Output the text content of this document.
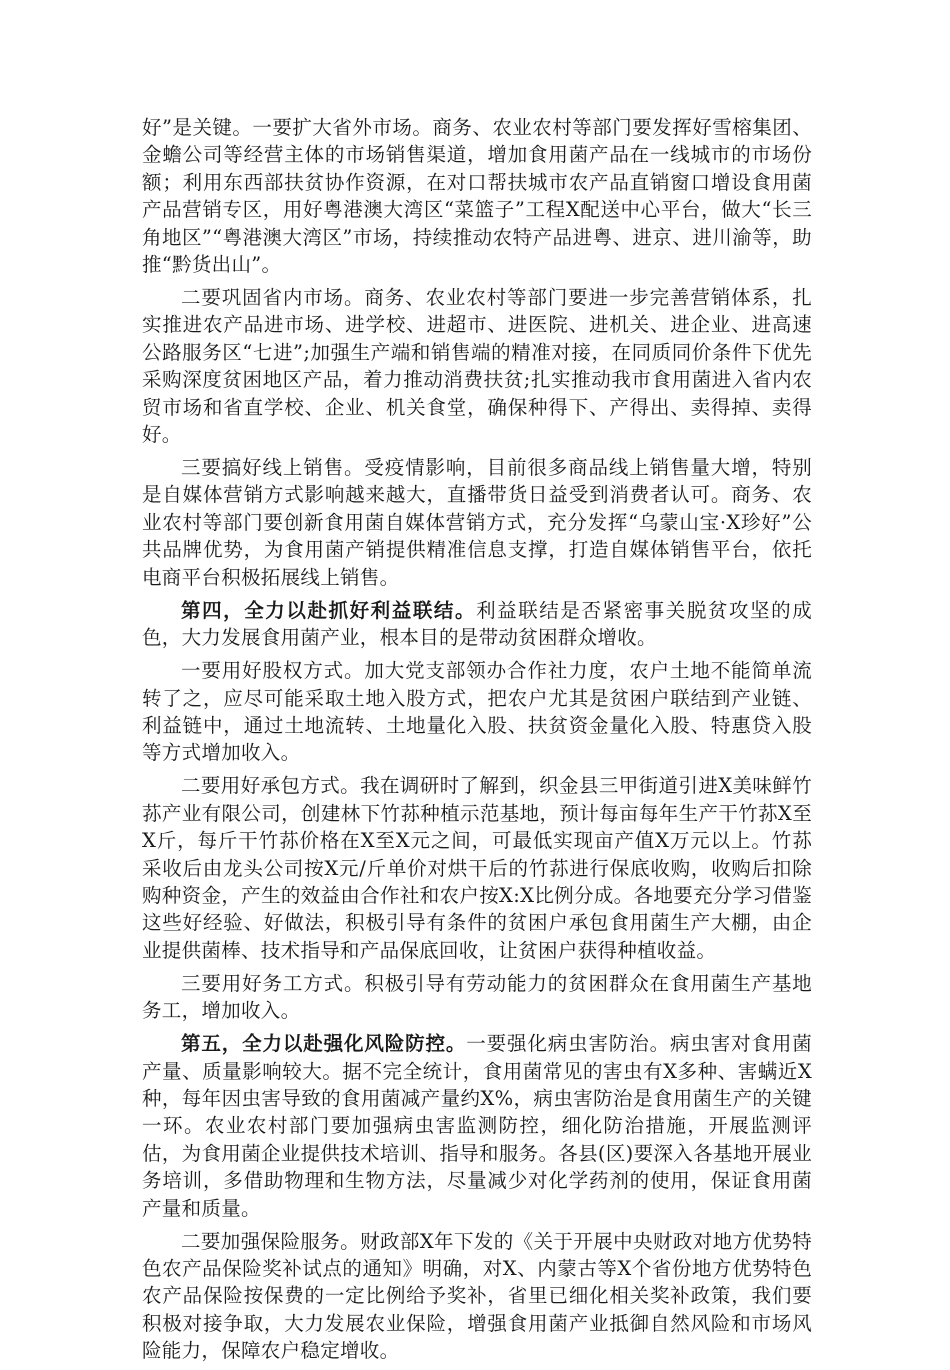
好”是关键。一要扩大省外市场。商务、农业农村等部门要发挥好雪榕集团、金蟾公司等经营主体的市场销售渠道，增加食用菌产品在一线城市的市场份额；利用东西部扶贫协作资源，在对口帮扶城市农产品直销窗口增设食用菌产品营销专区，用好粤港澳大湾区“菜篮子”工程X配送中心平台，做大“长三角地区”“粤港澳大湾区”市场，持续推动农特产品进粤、进京、进川渝等，助推“黔货出山”。

二要巩固省内市场。商务、农业农村等部门要进一步完善营销体系，扎实推进农产品进市场、进学校、进超市、进医院、进机关、进企业、进高速公路服务区“七进”;加强生产端和销售端的精准对接，在同质同价条件下优先采购深度贫困地区产品，着力推动消费扶贫;扎实推动我市食用菌进入省内农贸市场和省直学校、企业、机关食堂，确保种得下、产得出、卖得掉、卖得好。

三要搞好线上销售。受疫情影响，目前很多商品线上销售量大增，特别是自媒体营销方式影响越来越大，直播带货日益受到消费者认可。商务、农业农村等部门要创新食用菌自媒体营销方式，充分发挥“乌蒙山宝·X珍好”公共品牌优势，为食用菌产销提供精准信息支撑，打造自媒体销售平台，依托电商平台积极拓展线上销售。

第四，全力以赴抓好利益联结。利益联结是否紧密事关脱贫攻坚的成色，大力发展食用菌产业，根本目的是带动贫困群众增收。

一要用好股权方式。加大党支部领办合作社力度，农户土地不能简单流转了之，应尽可能采取土地入股方式，把农户尤其是贫困户联结到产业链、利益链中，通过土地流转、土地量化入股、扶贫资金量化入股、特惠贷入股等方式增加收入。

二要用好承包方式。我在调研时了解到，织金县三甲街道引进X美味鲜竹荪产业有限公司，创建林下竹荪种植示范基地，预计每亩每年生产干竹荪X至X斤，每斤干竹荪价格在X至X元之间，可最低实现亩产值X万元以上。竹荪采收后由龙头公司按X元/斤单价对烘干后的竹荪进行保底收购，收购后扣除购种资金，产生的效益由合作社和农户按X:X比例分成。各地要充分学习借鉴这些好经验、好做法，积极引导有条件的贫困户承包食用菌生产大棚，由企业提供菌棒、技术指导和产品保底回收，让贫困户获得种植收益。

三要用好务工方式。积极引导有劳动能力的贫困群众在食用菌生产基地务工，增加收入。

第五，全力以赴强化风险防控。一要强化病虫害防治。病虫害对食用菌产量、质量影响较大。据不完全统计，食用菌常见的害虫有X多种、害螨近X种，每年因虫害导致的食用菌减产量约X%，病虫害防治是食用菌生产的关键一环。农业农村部门要加强病虫害监测防控，细化防治措施，开展监测评估，为食用菌企业提供技术培训、指导和服务。各县(区)要深入各基地开展业务培训，多借助物理和生物方法，尽量减少对化学药剂的使用，保证食用菌产量和质量。

二要加强保险服务。财政部X年下发的《关于开展中央财政对地方优势特色农产品保险奖补试点的通知》明确，对X、内蒙古等X个省份地方优势特色农产品保险按保费的一定比例给予奖补，省里已细化相关奖补政策，我们要积极对接争取，大力发展农业保险，增强食用菌产业抵御自然风险和市场风险能力，保障农户稳定增收。
